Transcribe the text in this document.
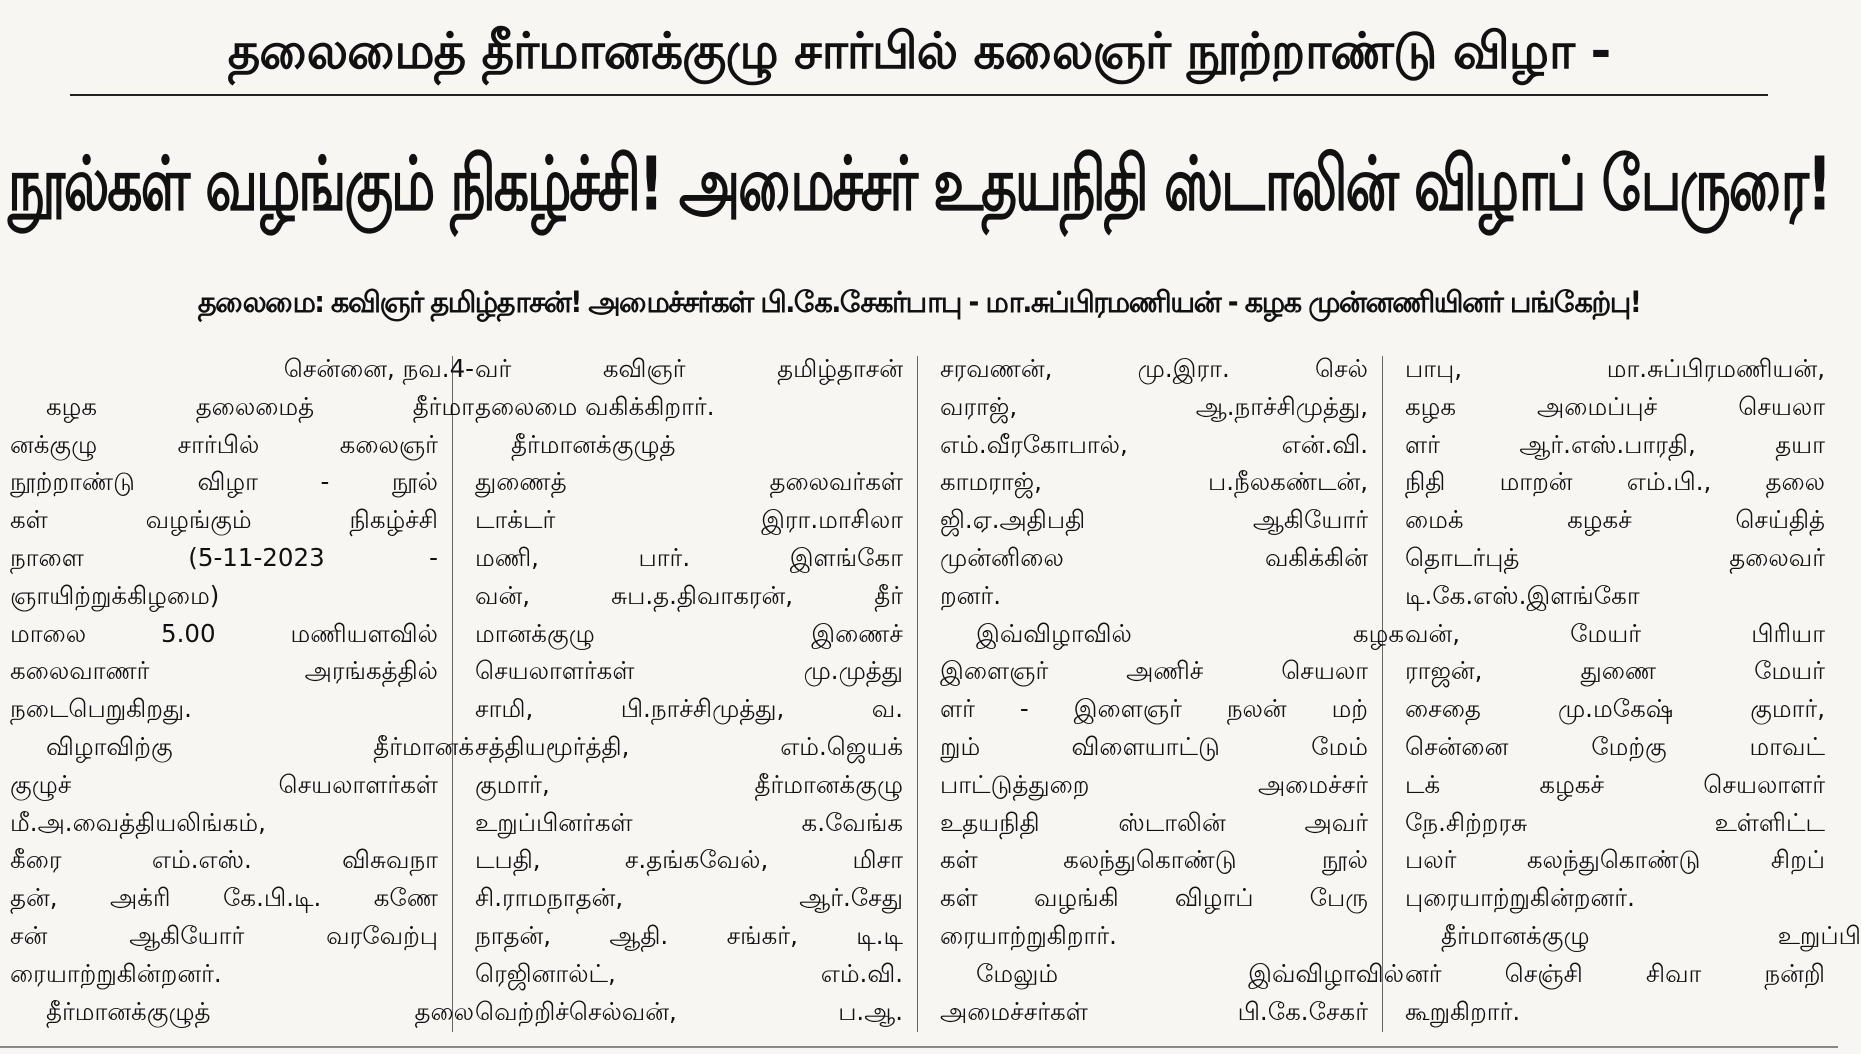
தலைமைத் தீர்மானக்குழு சார்பில் கலைஞர் நூற்றாண்டு விழா -
நூல்கள் வழங்கும் நிகழ்ச்சி! அமைச்சர் உதயநிதி ஸ்டாலின் விழாப் பேருரை!
தலைமை: கவிஞர் தமிழ்தாசன்! அமைச்சர்கள் பி.கே.சேகர்பாபு - மா.சுப்பிரமணியன் - கழக முன்னணியினர் பங்கேற்பு!
சென்னை, நவ.4-
கழக தலைமைத் தீர்மா
னக்குழு சார்பில் கலைஞர்
நூற்றாண்டு விழா - நூல்
கள் வழங்கும் நிகழ்ச்சி
நாளை (5-11-2023 -
ஞாயிற்றுக்கிழமை)
மாலை 5.00 மணியளவில்
கலைவாணர் அரங்கத்தில்
நடைபெறுகிறது.
விழாவிற்கு தீர்மானக்
குழுச் செயலாளர்கள்
மீ.அ.வைத்தியலிங்கம்,
கீரை எம்.எஸ். விசுவநா
தன், அக்ரி கே.பி.டி. கணே
சன் ஆகியோர் வரவேற்பு
ரையாற்றுகின்றனர்.
தீர்மானக்குழுத் தலை
வர் கவிஞர் தமிழ்தாசன்
தலைமை வகிக்கிறார்.
தீர்மானக்குழுத்
துணைத் தலைவர்கள்
டாக்டர் இரா.மாசிலா
மணி, பார். இளங்கோ
வன், சுப.த.திவாகரன், தீர்
மானக்குழு இணைச்
செயலாளர்கள் மு.முத்து
சாமி, பி.நாச்சிமுத்து, வ.
சத்தியமூர்த்தி, எம்.ஜெயக்
குமார், தீர்மானக்குழு
உறுப்பினர்கள் க.வேங்க
டபதி, ச.தங்கவேல், மிசா
சி.ராமநாதன், ஆர்.சேது
நாதன், ஆதி. சங்கர், டி.டி
ரெஜினால்ட், எம்.வி.
வெற்றிச்செல்வன், ப.ஆ.
சரவணன், மு.இரா. செல்
வராஜ், ஆ.நாச்சிமுத்து,
எம்.வீரகோபால், என்.வி.
காமராஜ், ப.நீலகண்டன்,
ஜி.ஏ.அதிபதி ஆகியோர்
முன்னிலை வகிக்கின்
றனர்.
இவ்விழாவில் கழக
இளைஞர் அணிச் செயலா
ளர் - இளைஞர் நலன் மற்
றும் விளையாட்டு மேம்
பாட்டுத்துறை அமைச்சர்
உதயநிதி ஸ்டாலின் அவர்
கள் கலந்துகொண்டு நூல்
கள் வழங்கி விழாப் பேரு
ரையாற்றுகிறார்.
மேலும் இவ்விழாவில்
அமைச்சர்கள் பி.கே.சேகர்
பாபு, மா.சுப்பிரமணியன்,
கழக அமைப்புச் செயலா
ளர் ஆர்.எஸ்.பாரதி, தயா
நிதி மாறன் எம்.பி., தலை
மைக் கழகச் செய்தித்
தொடர்புத் தலைவர்
டி.கே.எஸ்.இளங்கோ
வன், மேயர் பிரியா
ராஜன், துணை மேயர்
சைதை மு.மகேஷ் குமார்,
சென்னை மேற்கு மாவட்
டக் கழகச் செயலாளர்
நே.சிற்றரசு உள்ளிட்ட
பலர் கலந்துகொண்டு சிறப்
புரையாற்றுகின்றனர்.
தீர்மானக்குழு உறுப்பி
னர் செஞ்சி சிவா நன்றி
கூறுகிறார்.
